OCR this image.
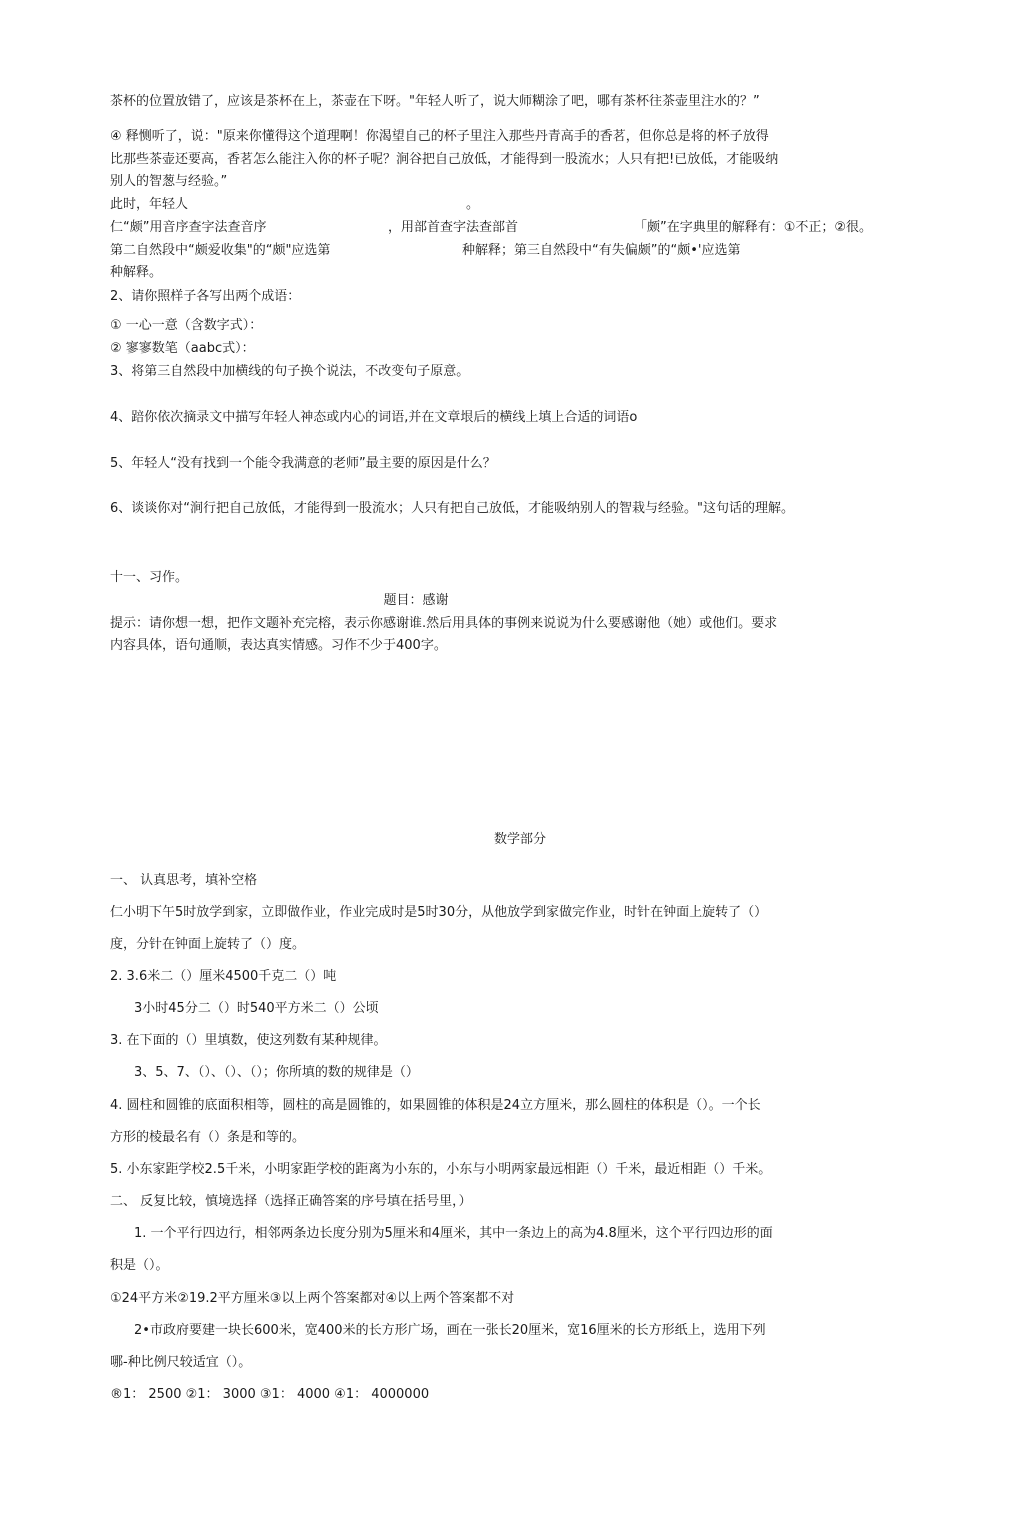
茶杯的位置放错了，应该是茶杯在上，茶壶在下呀。"年轻人听了，说大师糊涂了吧，哪有茶杯往茶壶里注水的？”

④ 释恻听了，说："原来你懂得这个道理啊！你渴望自己的杯子里注入那些丹青高手的香茗，但你总是将的杯子放得

比那些茶壶还要高，香茗怎么能注入你的杯子呢？涧谷把自己放低，才能得到一股流水；人只有把!已放低，才能吸纳

别人的智葱与经验。”

此时，年轻人	。
仁“颇”用音序查字法查音序	，用部首查字法查部首	「颇”在字典里的解释有：①不正；②很。
第二自然段中“颇爱收集"的“颇"应选第	种解释；第三自然段中“有失偏颇”的“颇•'应选第
种解释。

2、请你照样子各写出两个成语：

① 一心一意（含数字式）：

② 寥寥数笔（aabc式）：

3、将第三自然段中加横线的句子换个说法，不改变句子原意。

4、踣你依次摘录文中描写年轻人神态或内心的词语,并在文章垠后的横线上填上合适的词语o

5、年轻人“没有找到一个能令我满意的老师”最主要的原因是什么？

6、谈谈你对“涧行把自己放低，才能得到一股流水；人只有把自己放低，才能吸纳别人的智栽与经验。"这句话的理解。

十一、习作。

题目：感谢

提示：请你想一想，把作文题补充完榕，表示你感谢谁.然后用具体的事例来说说为什么要感谢他（她）或他们。要求

内容具体，语句通顺，表达真实情感。习作不少于400字。

数学部分

一、 认真思考，填补空格

仁小明下午5时放学到家，立即做作业，作业完成时是5时30分，从他放学到家做完作业，时针在钟面上旋转了（）

度，分针在钟面上旋转了（）度。

2. 3.6米二（）厘米4500千克二（）吨

3小时45分二（）时540平方米二（）公顷

3. 在下面的（）里填数，使这列数有某种规律。

3、5、7、（）、（）、（）；你所填的数的规律是（）

4. 圆柱和圆锥的底面积相等，圆柱的高是圆锥的，如果圆锥的体积是24立方厘米，那么圆柱的体积是（）。一个长

方形的棱最名有（）条是和等的。

5. 小东家距学校2.5千米，小明家距学校的距离为小东的，小东与小明两家最远相距（）千米，最近相距（）千米。

二、 反复比较，慎境选择（选择正确答案的序号填在括号里，）

1. 一个平行四边行，相邻两条边长度分别为5厘米和4厘米，其中一条边上的高为4.8厘米，这个平行四边形的面

积是（）。

①24平方米②19.2平方厘米③以上两个答案都对④以上两个答案都不对

2•市政府要建一块长600米，宽400米的长方形广场，画在一张长20厘米，宽16厘米的长方形纸上，选用下列

哪-种比例尺较适宜（）。

®1： 2500 ②1： 3000 ③1： 4000 ④1： 4000000
